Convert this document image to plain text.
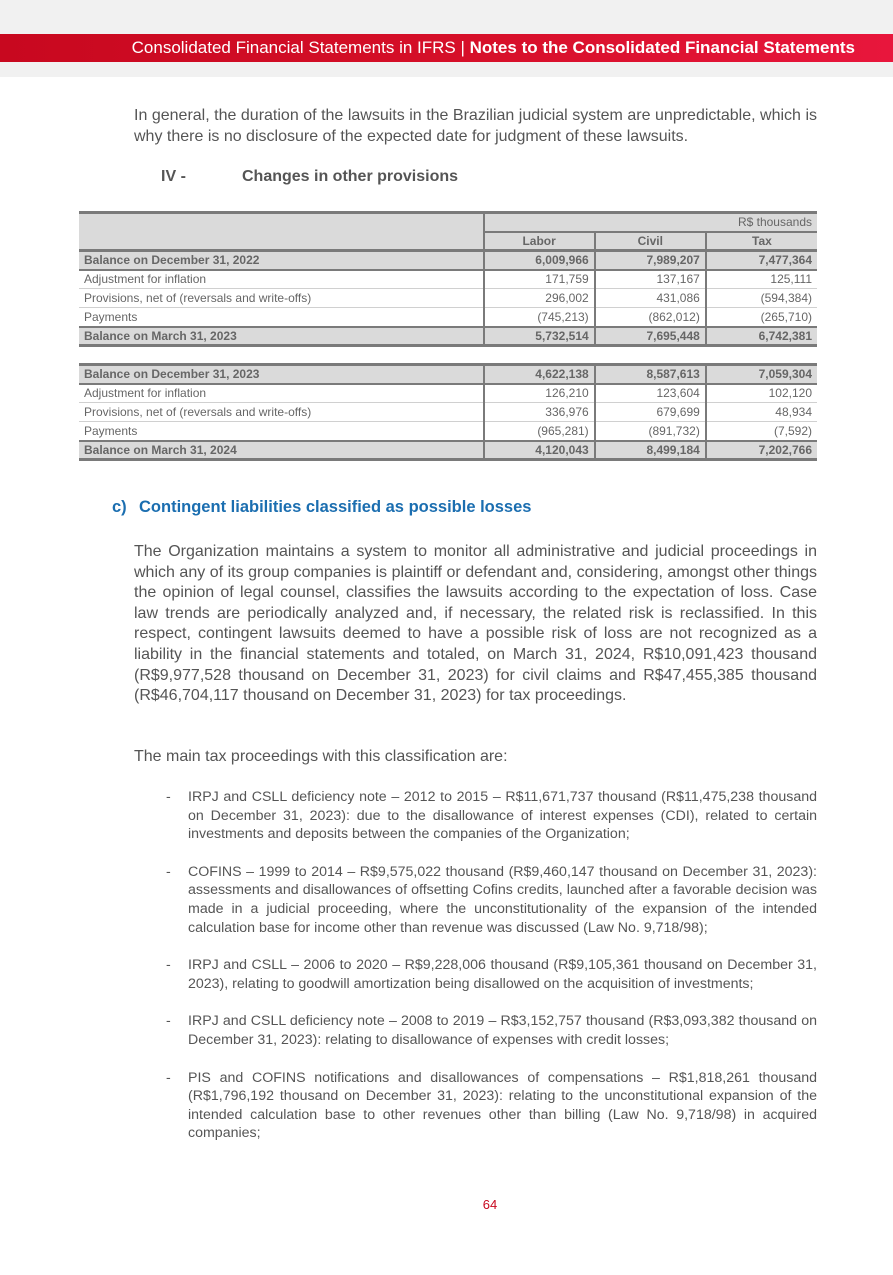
Consolidated Financial Statements in IFRS | Notes to the Consolidated Financial Statements

In general, the duration of the lawsuits in the Brazilian judicial system are unpredictable, which is why there is no disclosure of the expected date for judgment of these lawsuits.

IV -	Changes in other provisions
	R$ thousands		
	Labor	Civil	Tax
Balance on December 31, 2022	6,009,966	7,989,207	7,477,364
Adjustment for inflation	171,759	137,167	125,111
Provisions, net of (reversals and write-offs)	296,002	431,086	(594,384)
Payments	(745,213)	(862,012)	(265,710)
Balance on March 31, 2023	5,732,514	7,695,448	6,742,381
Balance on December 31, 2023	4,622,138	8,587,613	7,059,304
Adjustment for inflation	126,210	123,604	102,120
Provisions, net of (reversals and write-offs)	336,976	679,699	48,934
Payments	(965,281)	(891,732)	(7,592)
Balance on March 31, 2024	4,120,043	8,499,184	7,202,766
c) Contingent liabilities classified as possible losses

The Organization maintains a system to monitor all administrative and judicial proceedings in which any of its group companies is plaintiff or defendant and, considering, amongst other things the opinion of legal counsel, classifies the lawsuits according to the expectation of loss. Case law trends are periodically analyzed and, if necessary, the related risk is reclassified. In this respect, contingent lawsuits deemed to have a possible risk of loss are not recognized as a liability in the financial statements and totaled, on March 31, 2024, R$10,091,423 thousand (R$9,977,528 thousand on December 31, 2023) for civil claims and R$47,455,385 thousand (R$46,704,117 thousand on December 31, 2023) for tax proceedings.

The main tax proceedings with this classification are:

-	IRPJ and CSLL deficiency note – 2012 to 2015 – R$11,671,737 thousand (R$11,475,238 thousand on December 31, 2023): due to the disallowance of interest expenses (CDI), related to certain investments and deposits between the companies of the Organization;
-	COFINS – 1999 to 2014 – R$9,575,022 thousand (R$9,460,147 thousand on December 31, 2023): assessments and disallowances of offsetting Cofins credits, launched after a favorable decision was made in a judicial proceeding, where the unconstitutionality of the expansion of the intended calculation base for income other than revenue was discussed (Law No. 9,718/98);
-	IRPJ and CSLL – 2006 to 2020 – R$9,228,006 thousand (R$9,105,361 thousand on December 31, 2023), relating to goodwill amortization being disallowed on the acquisition of investments;
-	IRPJ and CSLL deficiency note – 2008 to 2019 – R$3,152,757 thousand (R$3,093,382 thousand on December 31, 2023): relating to disallowance of expenses with credit losses;
-	PIS and COFINS notifications and disallowances of compensations – R$1,818,261 thousand (R$1,796,192 thousand on December 31, 2023): relating to the unconstitutional expansion of the intended calculation base to other revenues other than billing (Law No. 9,718/98) in acquired companies;
64
